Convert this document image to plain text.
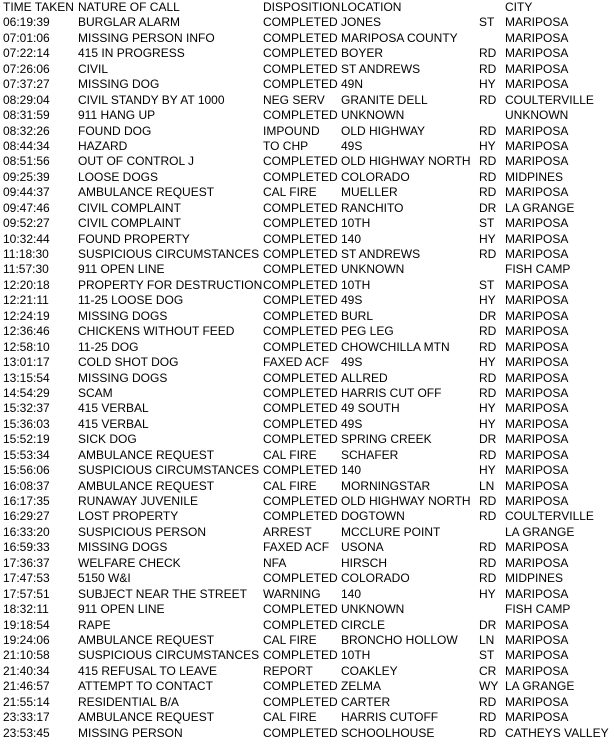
TIME TAKEN NATURE OF CALL	DISPOSITION LOCATION	CITY
06:19:39 BURGLAR ALARM	COMPLETED JONES	ST MARIPOSA
07:01:06 MISSING PERSON INFO	COMPLETED MARIPOSA COUNTY	MARIPOSA
07:22:14 415 IN PROGRESS	COMPLETED BOYER	RD MARIPOSA
07:26:06 CIVIL	COMPLETED ST ANDREWS	RD MARIPOSA
07:37:27 MISSING DOG	COMPLETED 49N	HY MARIPOSA
08:29:04 CIVIL STANDY BY AT 1000	NEG SERV GRANITE DELL	RD COULTERVILLE
08:31:59 911 HANG UP	COMPLETED UNKNOWN	UNKNOWN
08:32:26 FOUND DOG	IMPOUND OLD HIGHWAY	RD MARIPOSA
08:44:34 HAZARD	TO CHP	49S	HY MARIPOSA
08:51:56 OUT OF CONTROL J	COMPLETED OLD HIGHWAY NORTH RD MARIPOSA
09:25:39 LOOSE DOGS	COMPLETED COLORADO	RD MIDPINES
09:44:37 AMBULANCE REQUEST	CAL FIRE MUELLER	RD MARIPOSA
09:47:46 CIVIL COMPLAINT	COMPLETED RANCHITO	DR LA GRANGE
09:52:27 CIVIL COMPLAINT	COMPLETED 10TH	ST MARIPOSA
10:32:44 FOUND PROPERTY	COMPLETED 140	HY MARIPOSA
11:18:30 SUSPICIOUS CIRCUMSTANCES COMPLETED ST ANDREWS	RD MARIPOSA
11:57:30 911 OPEN LINE	COMPLETED UNKNOWN	FISH CAMP
12:20:18 PROPERTY FOR DESTRUCTION COMPLETED 10TH	ST MARIPOSA
12:21:11 11-25 LOOSE DOG	COMPLETED 49S	HY MARIPOSA
12:24:19 MISSING DOGS	COMPLETED BURL	DR MARIPOSA
12:36:46 CHICKENS WITHOUT FEED COMPLETED PEG LEG	RD MARIPOSA
12:58:10 11-25 DOG	COMPLETED CHOWCHILLA MTN RD MARIPOSA
13:01:17 COLD SHOT DOG	FAXED ACF 49S	HY MARIPOSA
13:15:54 MISSING DOGS	COMPLETED ALLRED	RD MARIPOSA
14:54:29 SCAM	COMPLETED HARRIS CUT OFF	RD MARIPOSA
15:32:37 415 VERBAL	COMPLETED 49 SOUTH	HY MARIPOSA
15:36:03 415 VERBAL	COMPLETED 49S	HY MARIPOSA
15:52:19 SICK DOG	COMPLETED SPRING CREEK	DR MARIPOSA
15:53:34 AMBULANCE REQUEST	CAL FIRE SCHAFER	RD MARIPOSA
15:56:06 SUSPICIOUS CIRCUMSTANCES COMPLETED 140	HY MARIPOSA
16:08:37 AMBULANCE REQUEST	CAL FIRE MORNINGSTAR	LN MARIPOSA
16:17:35 RUNAWAY JUVENILE	COMPLETED OLD HIGHWAY NORTH RD MARIPOSA
16:29:27 LOST PROPERTY	COMPLETED DOGTOWN	RD COULTERVILLE
16:33:20 SUSPICIOUS PERSON	ARREST MCCLURE POINT	LA GRANGE
16:59:33 MISSING DOGS	FAXED ACF USONA	RD MARIPOSA
17:36:37 WELFARE CHECK	NFA	HIRSCH	RD MARIPOSA
17:47:53 5150 W&I	COMPLETED COLORADO	RD MIDPINES
17:57:51 SUBJECT NEAR THE STREET WARNING 140	HY MARIPOSA
18:32:11 911 OPEN LINE	COMPLETED UNKNOWN	FISH CAMP
19:18:54 RAPE	COMPLETED CIRCLE	DR MARIPOSA
19:24:06 AMBULANCE REQUEST	CAL FIRE BRONCHO HOLLOW LN MARIPOSA
21:10:58 SUSPICIOUS CIRCUMSTANCES COMPLETED 10TH	ST MARIPOSA
21:40:34 415 REFUSAL TO LEAVE	REPORT COAKLEY	CR MARIPOSA
21:46:57 ATTEMPT TO CONTACT	COMPLETED ZELMA	WY LA GRANGE
21:55:14 RESIDENTIAL B/A	COMPLETED CARTER	RD MARIPOSA
23:33:17 AMBULANCE REQUEST	CAL FIRE HARRIS CUTOFF	RD MARIPOSA
23:53:45 MISSING PERSON	COMPLETED SCHOOLHOUSE	RD CATHEYS VALLEY
